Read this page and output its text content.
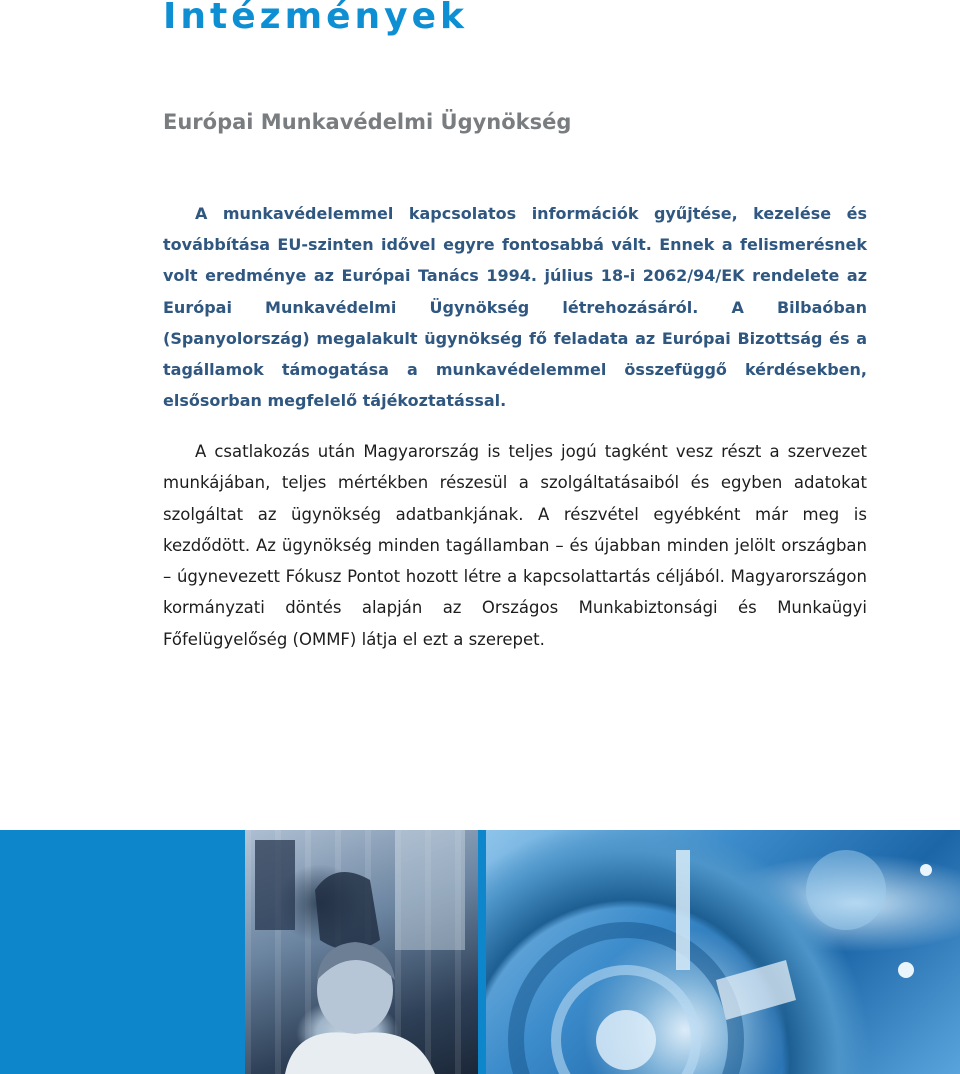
Intézmények
Európai Munkavédelmi Ügynökség

A munkavédelemmel kapcsolatos információk gyűjtése, kezelése és továbbítása EU-szinten idővel egyre fontosabbá vált. Ennek a felismerésnek volt eredménye az Európai Tanács 1994. július 18-i 2062/94/EK rendelete az Európai Munkavédelmi Ügynökség létrehozásáról. A Bilbaóban (Spanyolország) megalakult ügynökség fő feladata az Európai Bizottság és a tagállamok támogatása a munkavédelemmel összefüggő kérdésekben, elsősorban megfelelő tájékoztatással.

A csatlakozás után Magyarország is teljes jogú tagként vesz részt a szervezet munkájában, teljes mértékben részesül a szolgáltatásaiból és egyben adatokat szolgáltat az ügynökség adatbankjának. A részvétel egyébként már meg is kezdődött. Az ügynökség minden tagállamban – és újabban minden jelölt országban – úgynevezett Fókusz Pontot hozott létre a kapcsolattartás céljából. Magyarországon kormányzati döntés alapján az Országos Munkabiztonsági és Munkaügyi Főfelügyelőség (OMMF) látja el ezt a szerepet.
